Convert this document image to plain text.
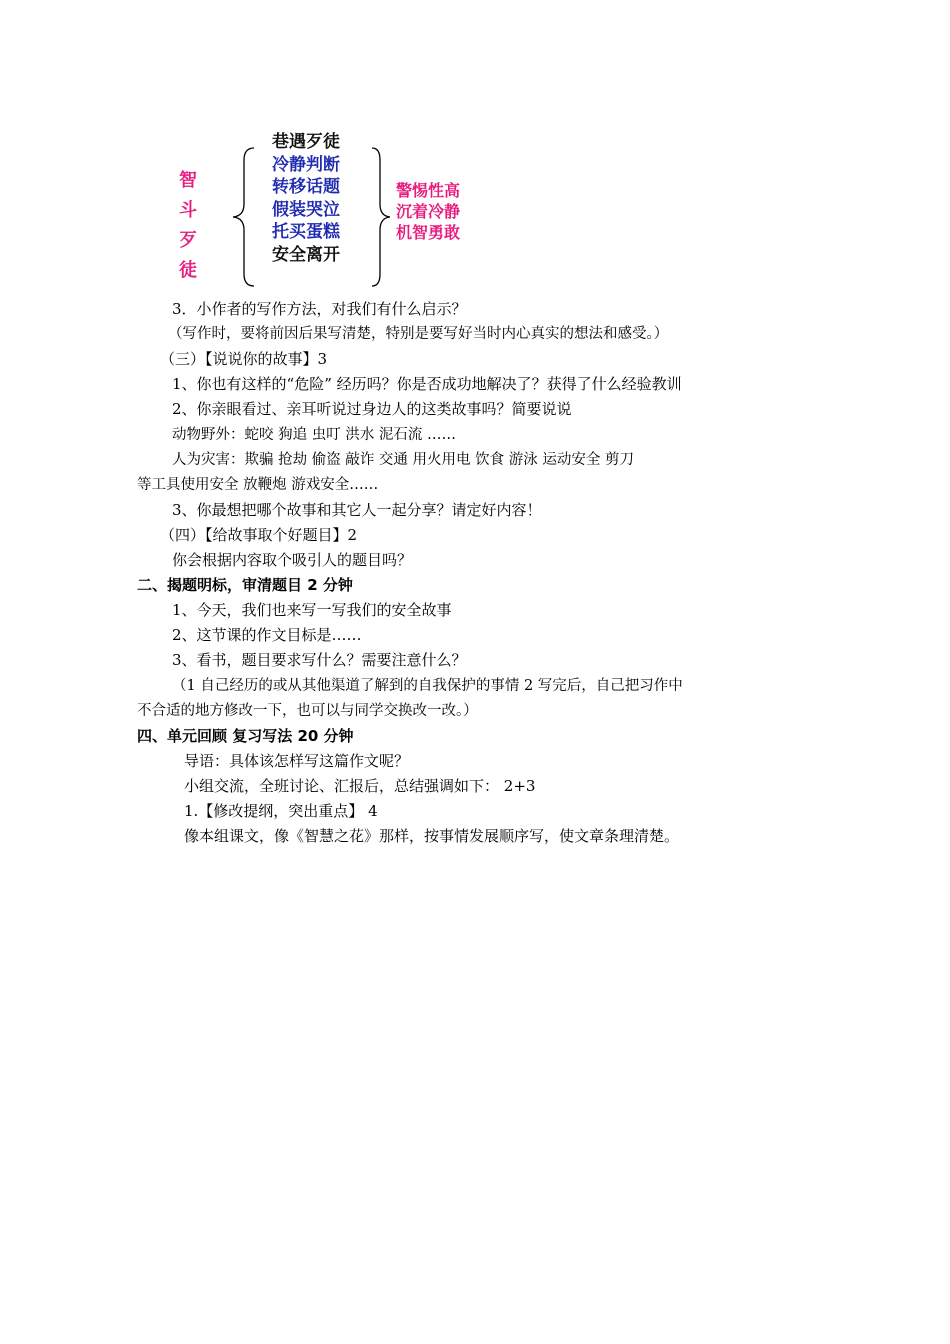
智
斗
歹
徒
巷遇歹徒
冷静判断
转移话题
假装哭泣
托买蛋糕
安全离开
警惕性高
沉着冷静
机智勇敢
3．小作者的写作方法，对我们有什么启示？
（写作时，要将前因后果写清楚，特别是要写好当时内心真实的想法和感受。）
（三）【说说你的故事】3
1、你也有这样的“危险” 经历吗？你是否成功地解决了？获得了什么经验教训
2、你亲眼看过、亲耳听说过身边人的这类故事吗？简要说说
动物野外：蛇咬 狗追 虫叮 洪水 泥石流 ……
人为灾害：欺骗 抢劫 偷盗 敲诈 交通 用火用电 饮食 游泳 运动安全 剪刀
等工具使用安全 放鞭炮 游戏安全……
3、你最想把哪个故事和其它人一起分享？请定好内容！
（四）【给故事取个好题目】2
你会根据内容取个吸引人的题目吗？
二、揭题明标，审清题目 2 分钟
1、今天，我们也来写一写我们的安全故事
2、这节课的作文目标是……
3、看书，题目要求写什么？需要注意什么？
（1 自己经历的或从其他渠道了解到的自我保护的事情 2 写完后，自己把习作中
不合适的地方修改一下，也可以与同学交换改一改。）
四、单元回顾 复习写法 20 分钟
导语：具体该怎样写这篇作文呢？
小组交流，全班讨论、汇报后，总结强调如下： 2+3
1.【修改提纲，突出重点】 4
像本组课文，像《智慧之花》那样，按事情发展顺序写，使文章条理清楚。
